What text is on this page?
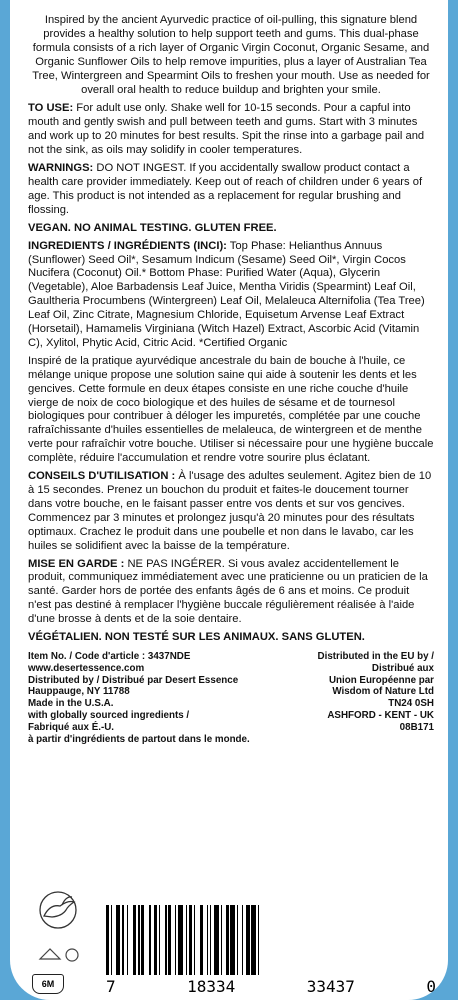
Inspired by the ancient Ayurvedic practice of oil-pulling, this signature blend provides a healthy solution to help support teeth and gums. This dual-phase formula consists of a rich layer of Organic Virgin Coconut, Organic Sesame, and Organic Sunflower Oils to help remove impurities, plus a layer of Australian Tea Tree, Wintergreen and Spearmint Oils to freshen your mouth. Use as needed for overall oral health to reduce buildup and brighten your smile.

TO USE: For adult use only. Shake well for 10-15 seconds. Pour a capful into mouth and gently swish and pull between teeth and gums. Start with 3 minutes and work up to 20 minutes for best results. Spit the rinse into a garbage pail and not the sink, as oils may solidify in cooler temperatures.

WARNINGS: DO NOT INGEST. If you accidentally swallow product contact a health care provider immediately. Keep out of reach of children under 6 years of age. This product is not intended as a replacement for regular brushing and flossing.

VEGAN. NO ANIMAL TESTING. GLUTEN FREE.

INGREDIENTS / INGRÉDIENTS (INCI): Top Phase: Helianthus Annuus (Sunflower) Seed Oil*, Sesamum Indicum (Sesame) Seed Oil*, Virgin Cocos Nucifera (Coconut) Oil.* Bottom Phase: Purified Water (Aqua), Glycerin (Vegetable), Aloe Barbadensis Leaf Juice, Mentha Viridis (Spearmint) Leaf Oil, Gaultheria Procumbens (Wintergreen) Leaf Oil, Melaleuca Alternifolia (Tea Tree) Leaf Oil, Zinc Citrate, Magnesium Chloride, Equisetum Arvense Leaf Extract (Horsetail), Hamamelis Virginiana (Witch Hazel) Extract, Ascorbic Acid (Vitamin C), Xylitol, Phytic Acid, Citric Acid. *Certified Organic

Inspiré de la pratique ayurvédique ancestrale du bain de bouche à l'huile, ce mélange unique propose une solution saine qui aide à soutenir les dents et les gencives. Cette formule en deux étapes consiste en une riche couche d'huile vierge de noix de coco biologique et des huiles de sésame et de tournesol biologiques pour contribuer à déloger les impuretés, complétée par une couche rafraîchissante d'huiles essentielles de melaleuca, de wintergreen et de menthe verte pour rafraîchir votre bouche. Utiliser si nécessaire pour une hygiène buccale complète, réduire l'accumulation et rendre votre sourire plus éclatant.

CONSEILS D'UTILISATION : À l'usage des adultes seulement. Agitez bien de 10 à 15 secondes. Prenez un bouchon du produit et faites-le doucement tourner dans votre bouche, en le faisant passer entre vos dents et sur vos gencives. Commencez par 3 minutes et prolongez jusqu'à 20 minutes pour des résultats optimaux. Crachez le produit dans une poubelle et non dans le lavabo, car les huiles se solidifient avec la baisse de la température.

MISE EN GARDE : NE PAS INGÉRER. Si vous avalez accidentellement le produit, communiquez immédiatement avec une praticienne ou un praticien de la santé. Garder hors de portée des enfants âgés de 6 ans et moins. Ce produit n'est pas destiné à remplacer l'hygiène buccale régulièrement réalisée à l'aide d'une brosse à dents et de la soie dentaire.

VÉGÉTALIEN. NON TESTÉ SUR LES ANIMAUX. SANS GLUTEN.

Item No. / Code d'article : 3437NDE

www.desertessence.com

Distributed by / Distribué par Desert Essence

Hauppauge, NY 11788

Made in the U.S.A.

with globally sourced ingredients /

Fabriqué aux É.-U.

à partir d'ingrédients de partout dans le monde.

Distributed in the EU by /

Distribué aux

Union Européenne par

Wisdom of Nature Ltd

TN24 0SH

ASHFORD - KENT - UK

08B171

6M	7	18334	33437	0
